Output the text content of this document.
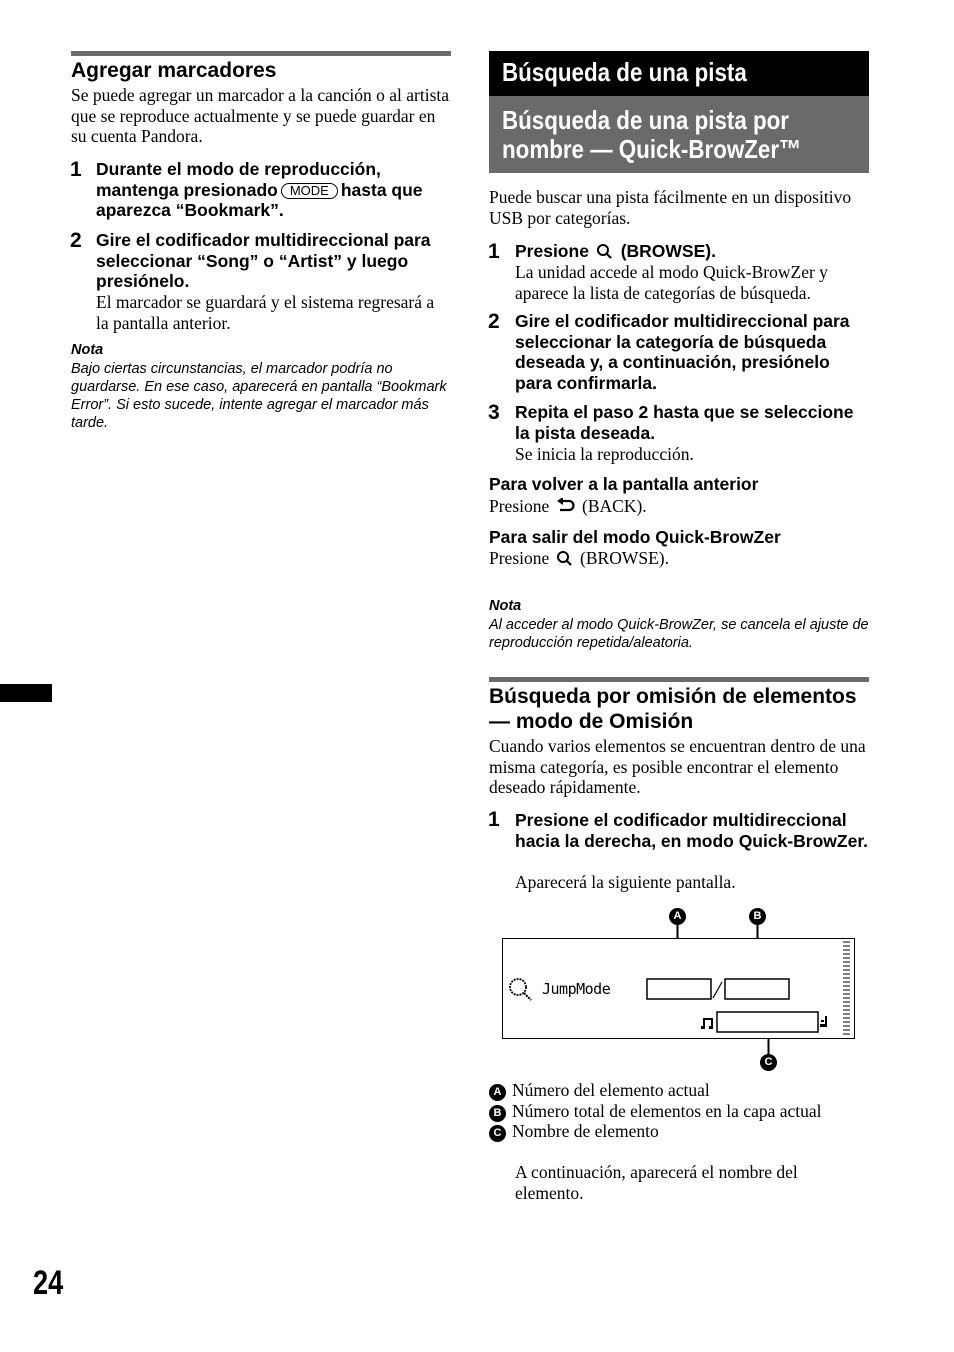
Agregar marcadores
Se puede agregar un marcador a la canción o al artista que se reproduce actualmente y se puede guardar en su cuenta Pandora.
1 Durante el modo de reproducción, mantenga presionado MODE hasta que aparezca “Bookmark”.
2 Gire el codificador multidireccional para seleccionar “Song” o “Artist” y luego presiónelo.
El marcador se guardará y el sistema regresará a la pantalla anterior.
Nota
Bajo ciertas circunstancias, el marcador podría no guardarse. En ese caso, aparecerá en pantalla “Bookmark Error”. Si esto sucede, intente agregar el marcador más tarde.
Búsqueda de una pista
Búsqueda de una pista por nombre — Quick-BrowZer™
Puede buscar una pista fácilmente en un dispositivo USB por categorías.
1 Presione (BROWSE).
La unidad accede al modo Quick-BrowZer y aparece la lista de categorías de búsqueda.
2 Gire el codificador multidireccional para seleccionar la categoría de búsqueda deseada y, a continuación, presiónelo para confirmarla.
3 Repita el paso 2 hasta que se seleccione la pista deseada.
Se inicia la reproducción.
Para volver a la pantalla anterior
Presione (BACK).
Para salir del modo Quick-BrowZer
Presione (BROWSE).
Nota
Al acceder al modo Quick-BrowZer, se cancela el ajuste de reproducción repetida/aleatoria.
Búsqueda por omisión de elementos — modo de Omisión
Cuando varios elementos se encuentran dentro de una misma categoría, es posible encontrar el elemento deseado rápidamente.
1 Presione el codificador multidireccional hacia la derecha, en modo Quick-BrowZer.
Aparecerá la siguiente pantalla.
A	B
C
JumpMode
A Número del elemento actual
B Número total de elementos en la capa actual
C Nombre de elemento
A continuación, aparecerá el nombre del elemento.
24
